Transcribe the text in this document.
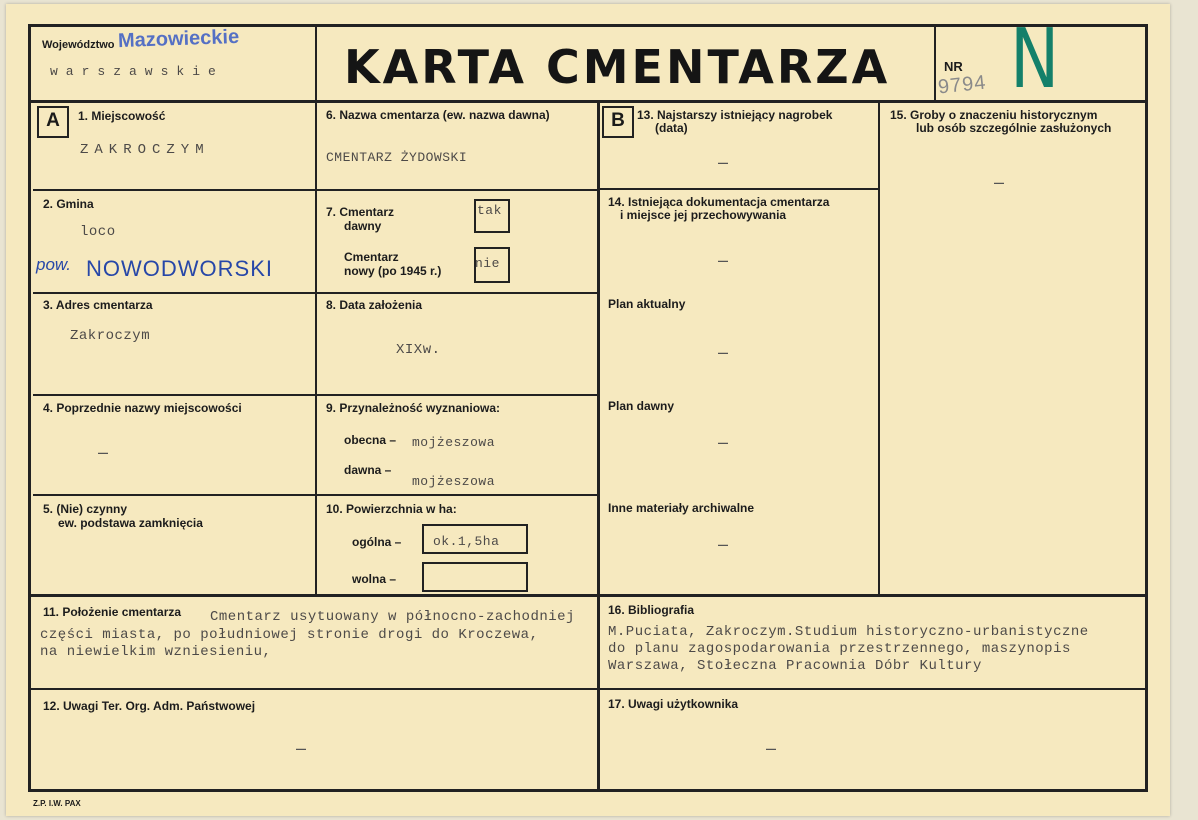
Województwo Mazowieckie
warszawskie	KARTA CMENTARZA	NR
9794 N
A	B
1. Miejscowość
ZAKROCZYM
2. Gmina
loco
pow. NOWODWORSKI
3. Adres cmentarza
Zakroczym
4. Poprzednie nazwy miejscowości
–
5. (Nie) czynny
ew. podstawa zamknięcia
6. Nazwa cmentarza (ew. nazwa dawna)
CMENTARZ ŻYDOWSKI
7. Cmentarz
dawny
tak
Cmentarz
nowy (po 1945 r.)	nie
8. Data założenia
XIXw.
9. Przynależność wyznaniowa:
obecna – mojżeszowa
dawna –
mojżeszowa
10. Powierzchnia w ha:
ogólna – ok.1,5ha
wolna –
11. Położenie cmentarza Cmentarz usytuowany w północno-zachodniej
części miasta, po południowej stronie drogi do Kroczewa,
na niewielkim wzniesieniu,
12. Uwagi Ter. Org. Adm. Państwowej
–
13. Najstarszy istniejący nagrobek
(data)
–
14. Istniejąca dokumentacja cmentarza
i miejsce jej przechowywania
–
Plan aktualny
–
Plan dawny
–
Inne materiały archiwalne
–
15. Groby o znaczeniu historycznym
lub osób szczególnie zasłużonych
–
16. Bibliografia
M.Puciata, Zakroczym.Studium historyczno-urbanistyczne
do planu zagospodarowania przestrzennego, maszynopis
Warszawa, Stołeczna Pracownia Dóbr Kultury
17. Uwagi użytkownika
–
Z.P. I.W. PAX
